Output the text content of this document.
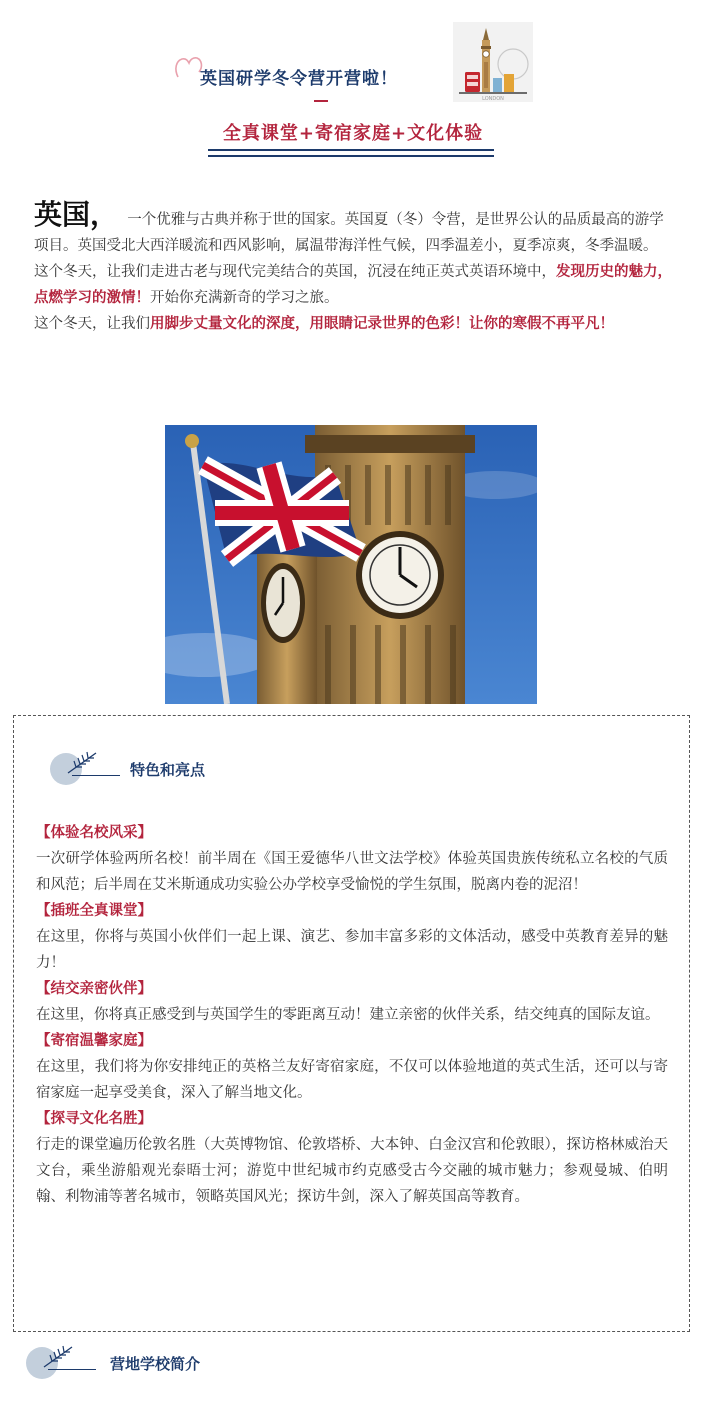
英国研学冬令营开营啦！
LONDON
全真课堂+寄宿家庭+文化体验

英国， 一个优雅与古典并称于世的国家。英国夏（冬）令营，是世界公认的品质最高的游学项目。英国受北大西洋暖流和西风影响，属温带海洋性气候，四季温差小，夏季凉爽，冬季温暖。

这个冬天，让我们走进古老与现代完美结合的英国，沉浸在纯正英式英语环境中，发现历史的魅力，点燃学习的激情！开始你充满新奇的学习之旅。

这个冬天，让我们用脚步丈量文化的深度，用眼睛记录世界的色彩！让你的寒假不再平凡！

特色和亮点
【体验名校风采】
一次研学体验两所名校！前半周在《国王爱德华八世文法学校》体验英国贵族传统私立名校的气质和风范；后半周在艾米斯通成功实验公办学校享受愉悦的学生氛围，脱离内卷的泥沼！
【插班全真课堂】
在这里，你将与英国小伙伴们一起上课、演艺、参加丰富多彩的文体活动，感受中英教育差异的魅力！
【结交亲密伙伴】
在这里，你将真正感受到与英国学生的零距离互动！建立亲密的伙伴关系，结交纯真的国际友谊。
【寄宿温馨家庭】
在这里，我们将为你安排纯正的英格兰友好寄宿家庭，不仅可以体验地道的英式生活，还可以与寄宿家庭一起享受美食，深入了解当地文化。
【探寻文化名胜】
行走的课堂遍历伦敦名胜（大英博物馆、伦敦塔桥、大本钟、白金汉宫和伦敦眼），探访格林威治天文台，乘坐游船观光泰晤士河；游览中世纪城市约克感受古今交融的城市魅力；参观曼城、伯明翰、利物浦等著名城市，领略英国风光；探访牛剑，深入了解英国高等教育。
营地学校简介
